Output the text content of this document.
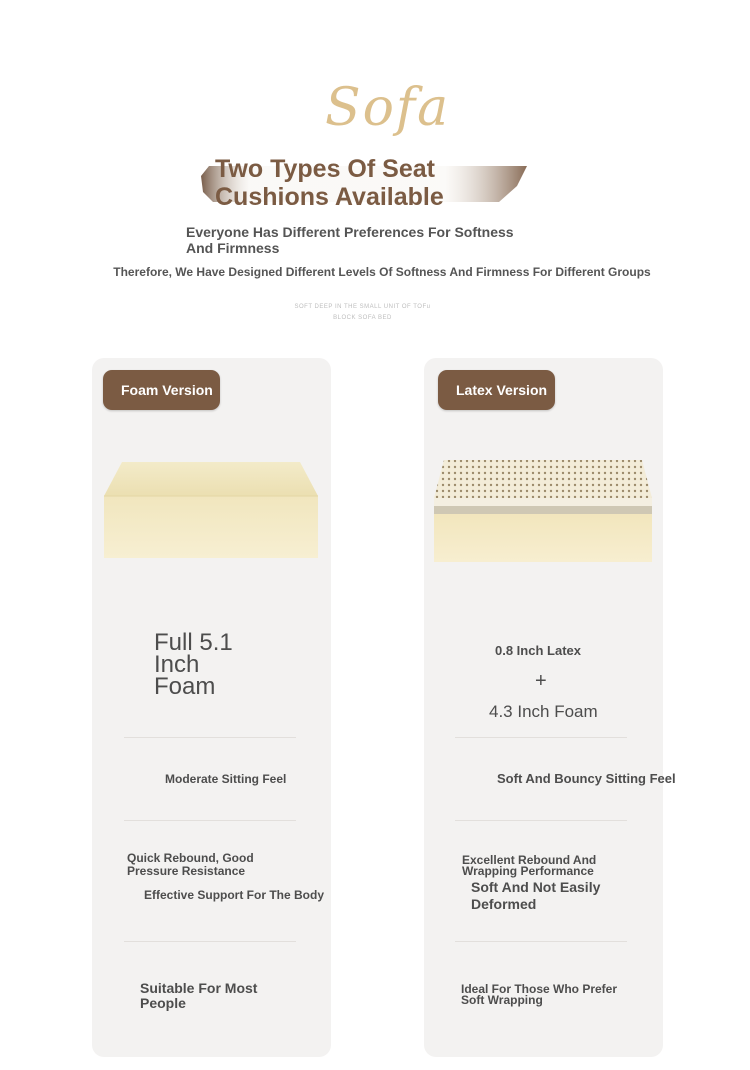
Sofa
Two Types Of Seat
Cushions Available
Everyone Has Different Preferences For Softness
And Firmness
Therefore, We Have Designed Different Levels Of Softness And Firmness For Different Groups
SOFT DEEP IN THE SMALL UNIT OF TOFu
BLOCK SOFA BED
Foam Version
Full 5.1
Inch
Foam
Moderate Sitting Feel
Quick Rebound, Good
Pressure Resistance
Effective Support For The Body
Suitable For Most
People
Latex Version
0.8 Inch Latex
+
4.3 Inch Foam
Soft And Bouncy Sitting Feel
Excellent Rebound And
Wrapping Performance
Soft And Not Easily
Deformed
Ideal For Those Who Prefer
Soft Wrapping
